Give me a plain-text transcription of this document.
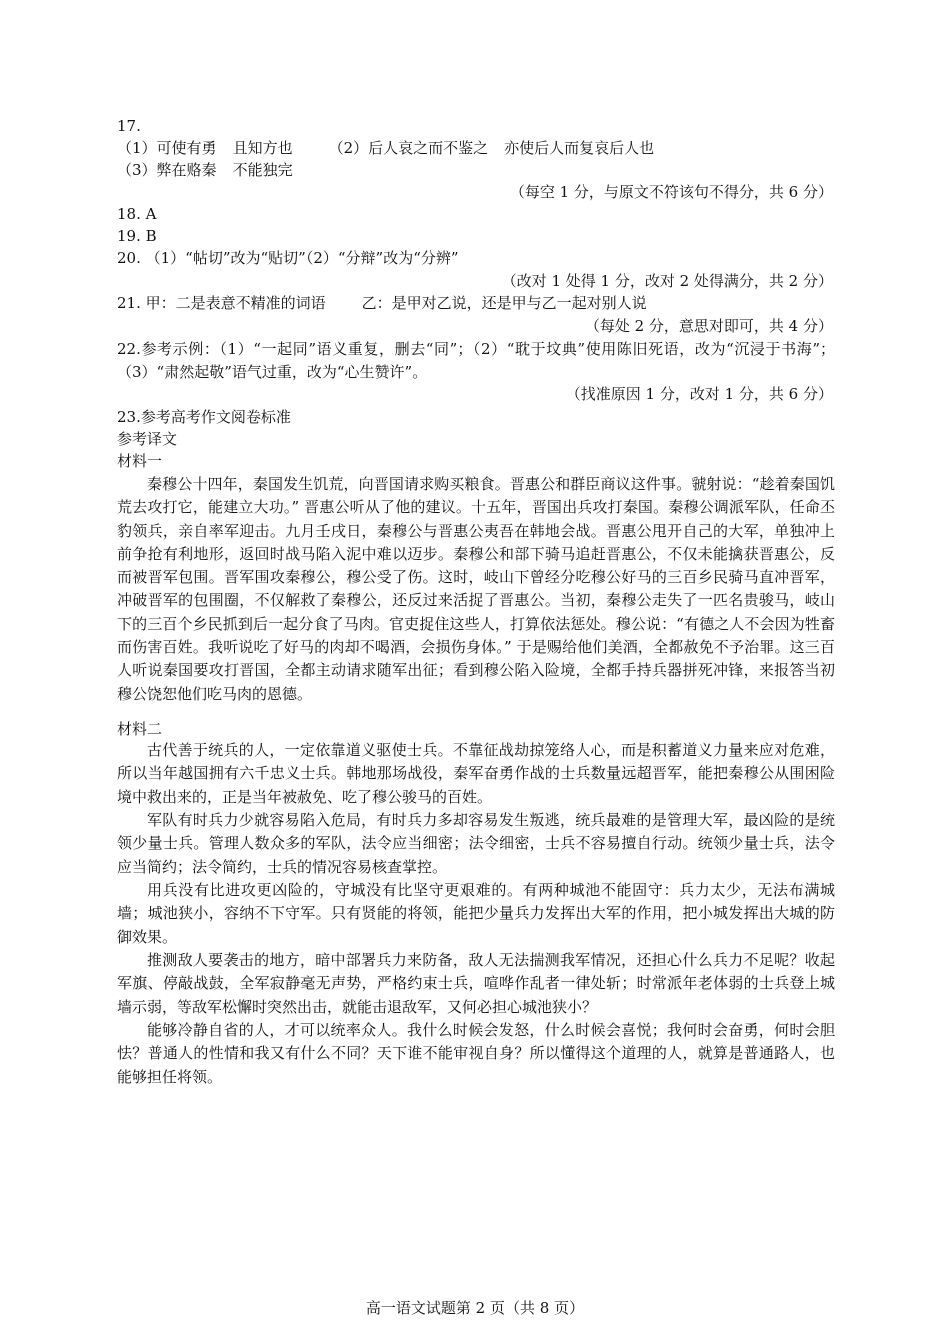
17.
（1）可使有勇 且知方也 （2）后人哀之而不鉴之 亦使后人而复哀后人也
（3）弊在赂秦 不能独完
（每空 1 分，与原文不符该句不得分，共 6 分）
18. A
19. B
20. （1）“帖切”改为“贴切”（2）“分辩”改为“分辨”
（改对 1 处得 1 分，改对 2 处得满分，共 2 分）
21. 甲：二是表意不精准的词语 乙：是甲对乙说，还是甲与乙一起对别人说
（每处 2 分，意思对即可，共 4 分）
22.参考示例：（1）“一起同”语义重复，删去“同”；（2）“耽于坟典”使用陈旧死语，改为“沉浸于书海”；（3）“肃然起敬”语气过重，改为“心生赞许”。
（找准原因 1 分，改对 1 分，共 6 分）
23.参考高考作文阅卷标准
参考译文
材料一
秦穆公十四年，秦国发生饥荒，向晋国请求购买粮食。晋惠公和群臣商议这件事。虢射说：“趁着秦国饥荒去攻打它，能建立大功。” 晋惠公听从了他的建议。十五年，晋国出兵攻打秦国。秦穆公调派军队，任命丕豹领兵，亲自率军迎击。九月壬戌日，秦穆公与晋惠公夷吾在韩地会战。晋惠公甩开自己的大军，单独冲上前争抢有利地形，返回时战马陷入泥中难以迈步。秦穆公和部下骑马追赶晋惠公，不仅未能擒获晋惠公，反而被晋军包围。晋军围攻秦穆公，穆公受了伤。这时，岐山下曾经分吃穆公好马的三百乡民骑马直冲晋军，冲破晋军的包围圈，不仅解救了秦穆公，还反过来活捉了晋惠公。当初，秦穆公走失了一匹名贵骏马，岐山下的三百个乡民抓到后一起分食了马肉。官吏捉住这些人，打算依法惩处。穆公说：“有德之人不会因为牲畜而伤害百姓。我听说吃了好马的肉却不喝酒，会损伤身体。” 于是赐给他们美酒，全都赦免不予治罪。这三百人听说秦国要攻打晋国，全都主动请求随军出征；看到穆公陷入险境，全都手持兵器拼死冲锋，来报答当初穆公饶恕他们吃马肉的恩德。
材料二
古代善于统兵的人，一定依靠道义驱使士兵。不靠征战劫掠笼络人心，而是积蓄道义力量来应对危难，所以当年越国拥有六千忠义士兵。韩地那场战役，秦军奋勇作战的士兵数量远超晋军，能把秦穆公从围困险境中救出来的，正是当年被赦免、吃了穆公骏马的百姓。
军队有时兵力少就容易陷入危局，有时兵力多却容易发生叛逃，统兵最难的是管理大军，最凶险的是统领少量士兵。管理人数众多的军队，法令应当细密；法令细密，士兵不容易擅自行动。统领少量士兵，法令应当简约；法令简约，士兵的情况容易核查掌控。
用兵没有比进攻更凶险的，守城没有比坚守更艰难的。有两种城池不能固守：兵力太少，无法布满城墙；城池狭小，容纳不下守军。只有贤能的将领，能把少量兵力发挥出大军的作用，把小城发挥出大城的防御效果。
推测敌人要袭击的地方，暗中部署兵力来防备，敌人无法揣测我军情况，还担心什么兵力不足呢？收起军旗、停敲战鼓，全军寂静毫无声势，严格约束士兵，喧哗作乱者一律处斩；时常派年老体弱的士兵登上城墙示弱，等敌军松懈时突然出击，就能击退敌军，又何必担心城池狭小？
能够冷静自省的人，才可以统率众人。我什么时候会发怒，什么时候会喜悦；我何时会奋勇，何时会胆怯？普通人的性情和我又有什么不同？天下谁不能审视自身？所以懂得这个道理的人，就算是普通路人，也能够担任将领。
高一语文试题第 2 页（共 8 页）
